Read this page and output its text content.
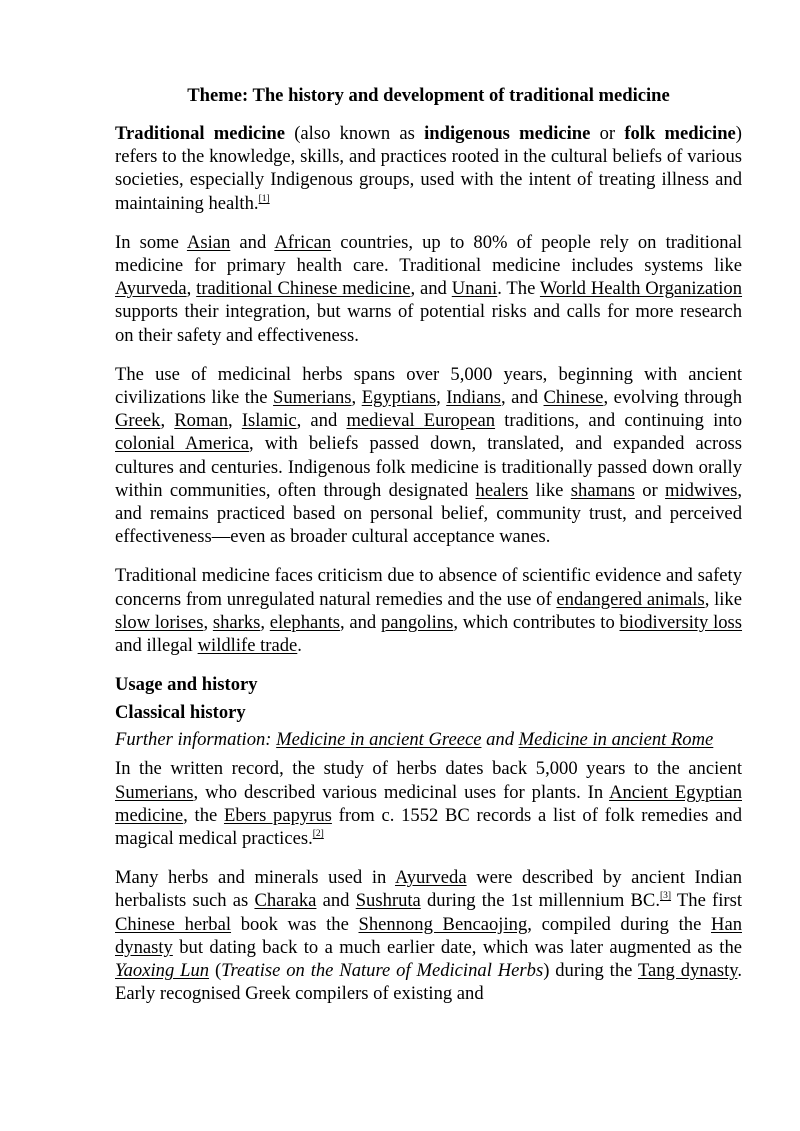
Theme: The history and development of traditional medicine

Traditional medicine (also known as indigenous medicine or folk medicine) refers to the knowledge, skills, and practices rooted in the cultural beliefs of various societies, especially Indigenous groups, used with the intent of treating illness and maintaining health.[1]

In some Asian and African countries, up to 80% of people rely on traditional medicine for primary health care. Traditional medicine includes systems like Ayurveda, traditional Chinese medicine, and Unani. The World Health Organization supports their integration, but warns of potential risks and calls for more research on their safety and effectiveness.

The use of medicinal herbs spans over 5,000 years, beginning with ancient civilizations like the Sumerians, Egyptians, Indians, and Chinese, evolving through Greek, Roman, Islamic, and medieval European traditions, and continuing into colonial America, with beliefs passed down, translated, and expanded across cultures and centuries. Indigenous folk medicine is traditionally passed down orally within communities, often through designated healers like shamans or midwives, and remains practiced based on personal belief, community trust, and perceived effectiveness—even as broader cultural acceptance wanes.

Traditional medicine faces criticism due to absence of scientific evidence and safety concerns from unregulated natural remedies and the use of endangered animals, like slow lorises, sharks, elephants, and pangolins, which contributes to biodiversity loss and illegal wildlife trade.

Usage and history
Classical history

Further information: Medicine in ancient Greece and Medicine in ancient Rome

In the written record, the study of herbs dates back 5,000 years to the ancient Sumerians, who described various medicinal uses for plants. In Ancient Egyptian medicine, the Ebers papyrus from c. 1552 BC records a list of folk remedies and magical medical practices.[2]

Many herbs and minerals used in Ayurveda were described by ancient Indian herbalists such as Charaka and Sushruta during the 1st millennium BC.[3] The first Chinese herbal book was the Shennong Bencaojing, compiled during the Han dynasty but dating back to a much earlier date, which was later augmented as the Yaoxing Lun (Treatise on the Nature of Medicinal Herbs) during the Tang dynasty. Early recognised Greek compilers of existing and
